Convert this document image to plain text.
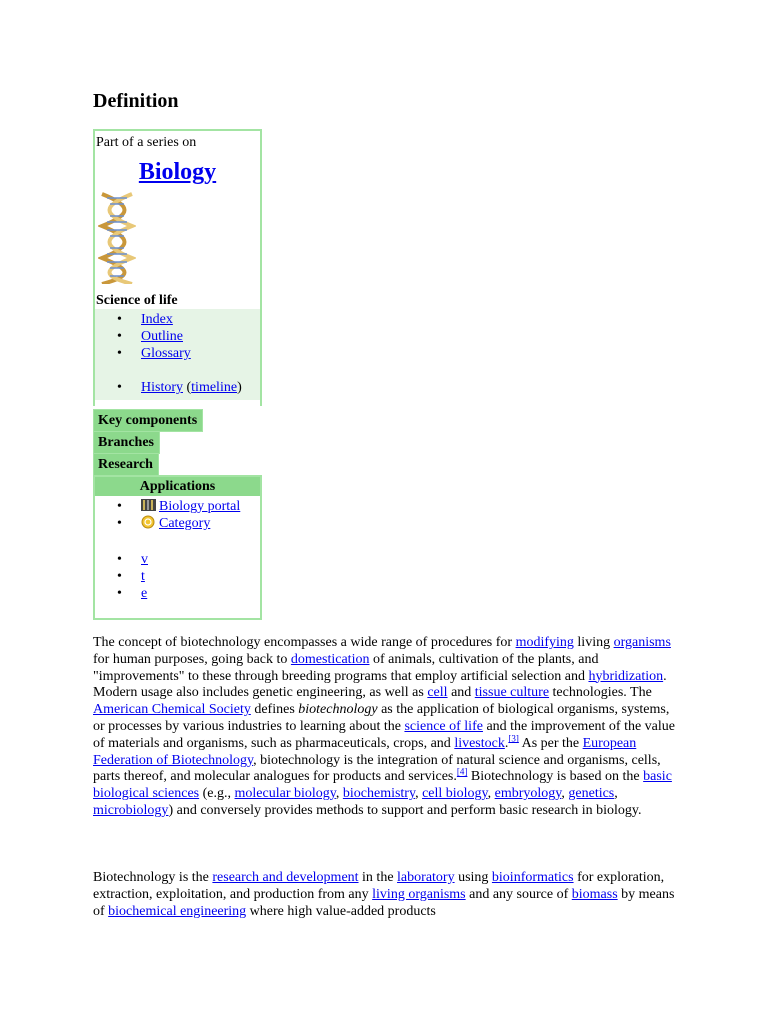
Definition
Part of a series on
Biology
Science of life
• Index
• Outline
• Glossary
• History (timeline)
Key components
Branches
Research
Applications
• Biology portal
• Category
• v
• t
• e

The concept of biotechnology encompasses a wide range of procedures for modifying living organisms for human purposes, going back to domestication of animals, cultivation of the plants, and "improvements" to these through breeding programs that employ artificial selection and hybridization. Modern usage also includes genetic engineering, as well as cell and tissue culture technologies. The American Chemical Society defines biotechnology as the application of biological organisms, systems, or processes by various industries to learning about the science of life and the improvement of the value of materials and organisms, such as pharmaceuticals, crops, and livestock.[3] As per the European Federation of Biotechnology, biotechnology is the integration of natural science and organisms, cells, parts thereof, and molecular analogues for products and services.[4] Biotechnology is based on the basic biological sciences (e.g., molecular biology, biochemistry, cell biology, embryology, genetics, microbiology) and conversely provides methods to support and perform basic research in biology.

Biotechnology is the research and development in the laboratory using bioinformatics for exploration, extraction, exploitation, and production from any living organisms and any source of biomass by means of biochemical engineering where high value-added products
